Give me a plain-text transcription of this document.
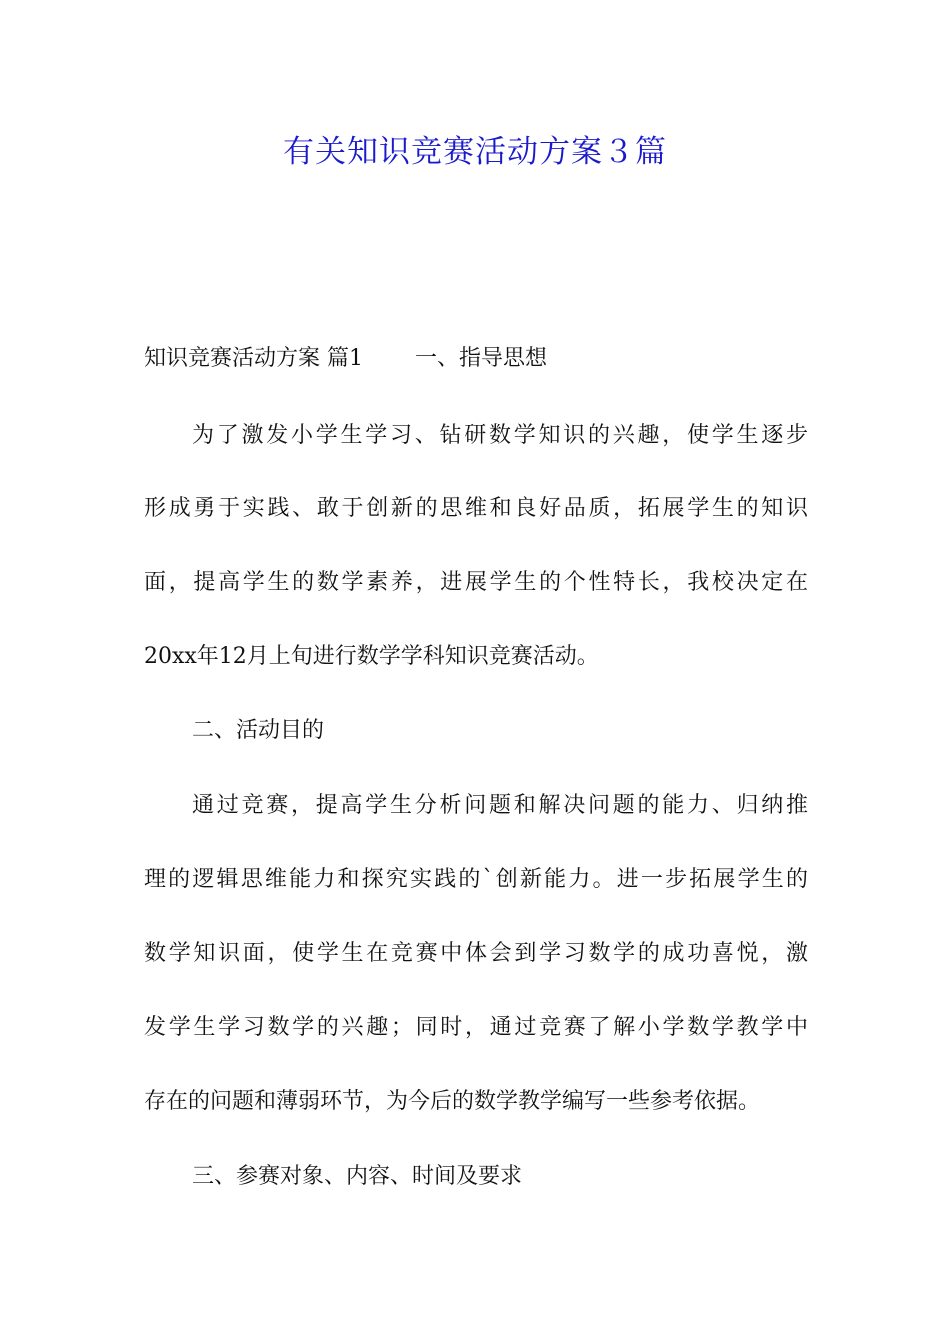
有关知识竞赛活动方案３篇
知识竞赛活动方案 篇1 一、指导思想
为了激发小学生学习、钻研数学知识的兴趣，使学生逐步
形成勇于实践、敢于创新的思维和良好品质，拓展学生的知识
面，提高学生的数学素养，进展学生的个性特长，我校决定在
20xx年12月上旬进行数学学科知识竞赛活动。
二、活动目的
通过竞赛，提高学生分析问题和解决问题的能力、归纳推
理的逻辑思维能力和探究实践的`创新能力。进一步拓展学生的
数学知识面，使学生在竞赛中体会到学习数学的成功喜悦，激
发学生学习数学的兴趣；同时，通过竞赛了解小学数学教学中
存在的问题和薄弱环节，为今后的数学教学编写一些参考依据。
三、参赛对象、内容、时间及要求
